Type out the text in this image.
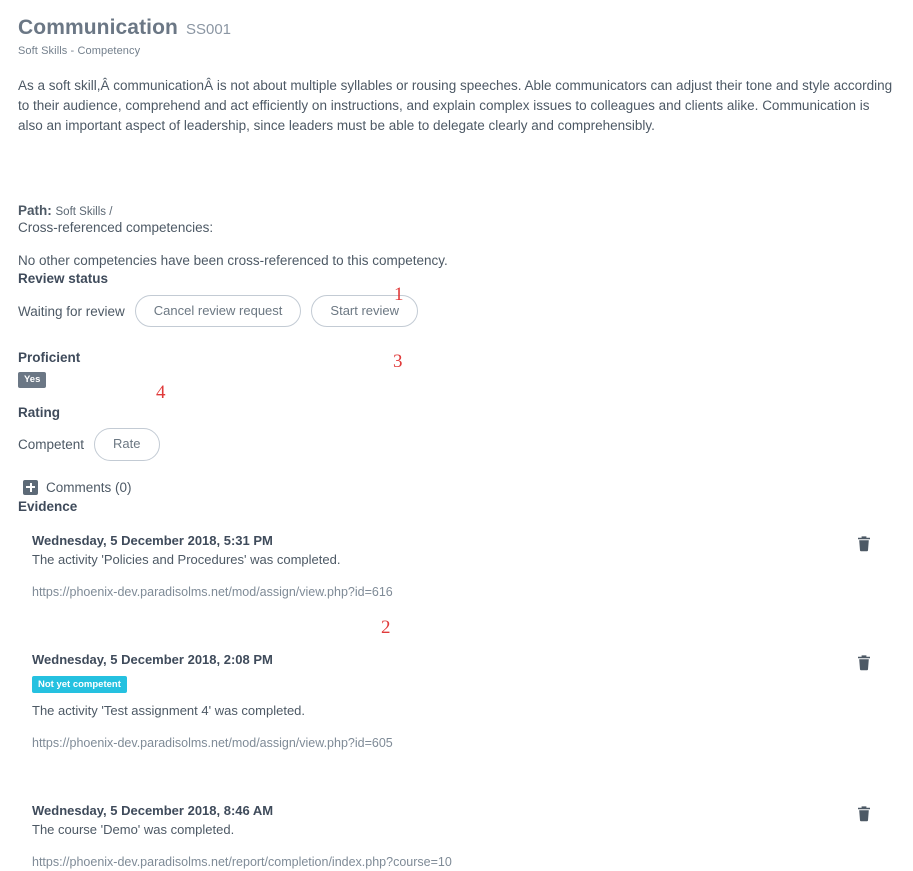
Communication SS001
Soft Skills - Competency
As a soft skill,Â communicationÂ is not about multiple syllables or rousing speeches. Able communicators can adjust their tone and style according to their audience, comprehend and act efficiently on instructions, and explain complex issues to colleagues and clients alike. Communication is also an important aspect of leadership, since leaders must be able to delegate clearly and comprehensibly.
Path: Soft Skills /
Cross-referenced competencies:
No other competencies have been cross-referenced to this competency.
Review status
Waiting for review	Cancel review request	Start review
Proficient
Yes
Rating
Competent	Rate
Comments (0)
Evidence
Wednesday, 5 December 2018, 5:31 PM
The activity 'Policies and Procedures' was completed.
https://phoenix-dev.paradisolms.net/mod/assign/view.php?id=616
Wednesday, 5 December 2018, 2:08 PM
Not yet competent
The activity 'Test assignment 4' was completed.
https://phoenix-dev.paradisolms.net/mod/assign/view.php?id=605
Wednesday, 5 December 2018, 8:46 AM
The course 'Demo' was completed.
https://phoenix-dev.paradisolms.net/report/completion/index.php?course=10
1
3
4
2
